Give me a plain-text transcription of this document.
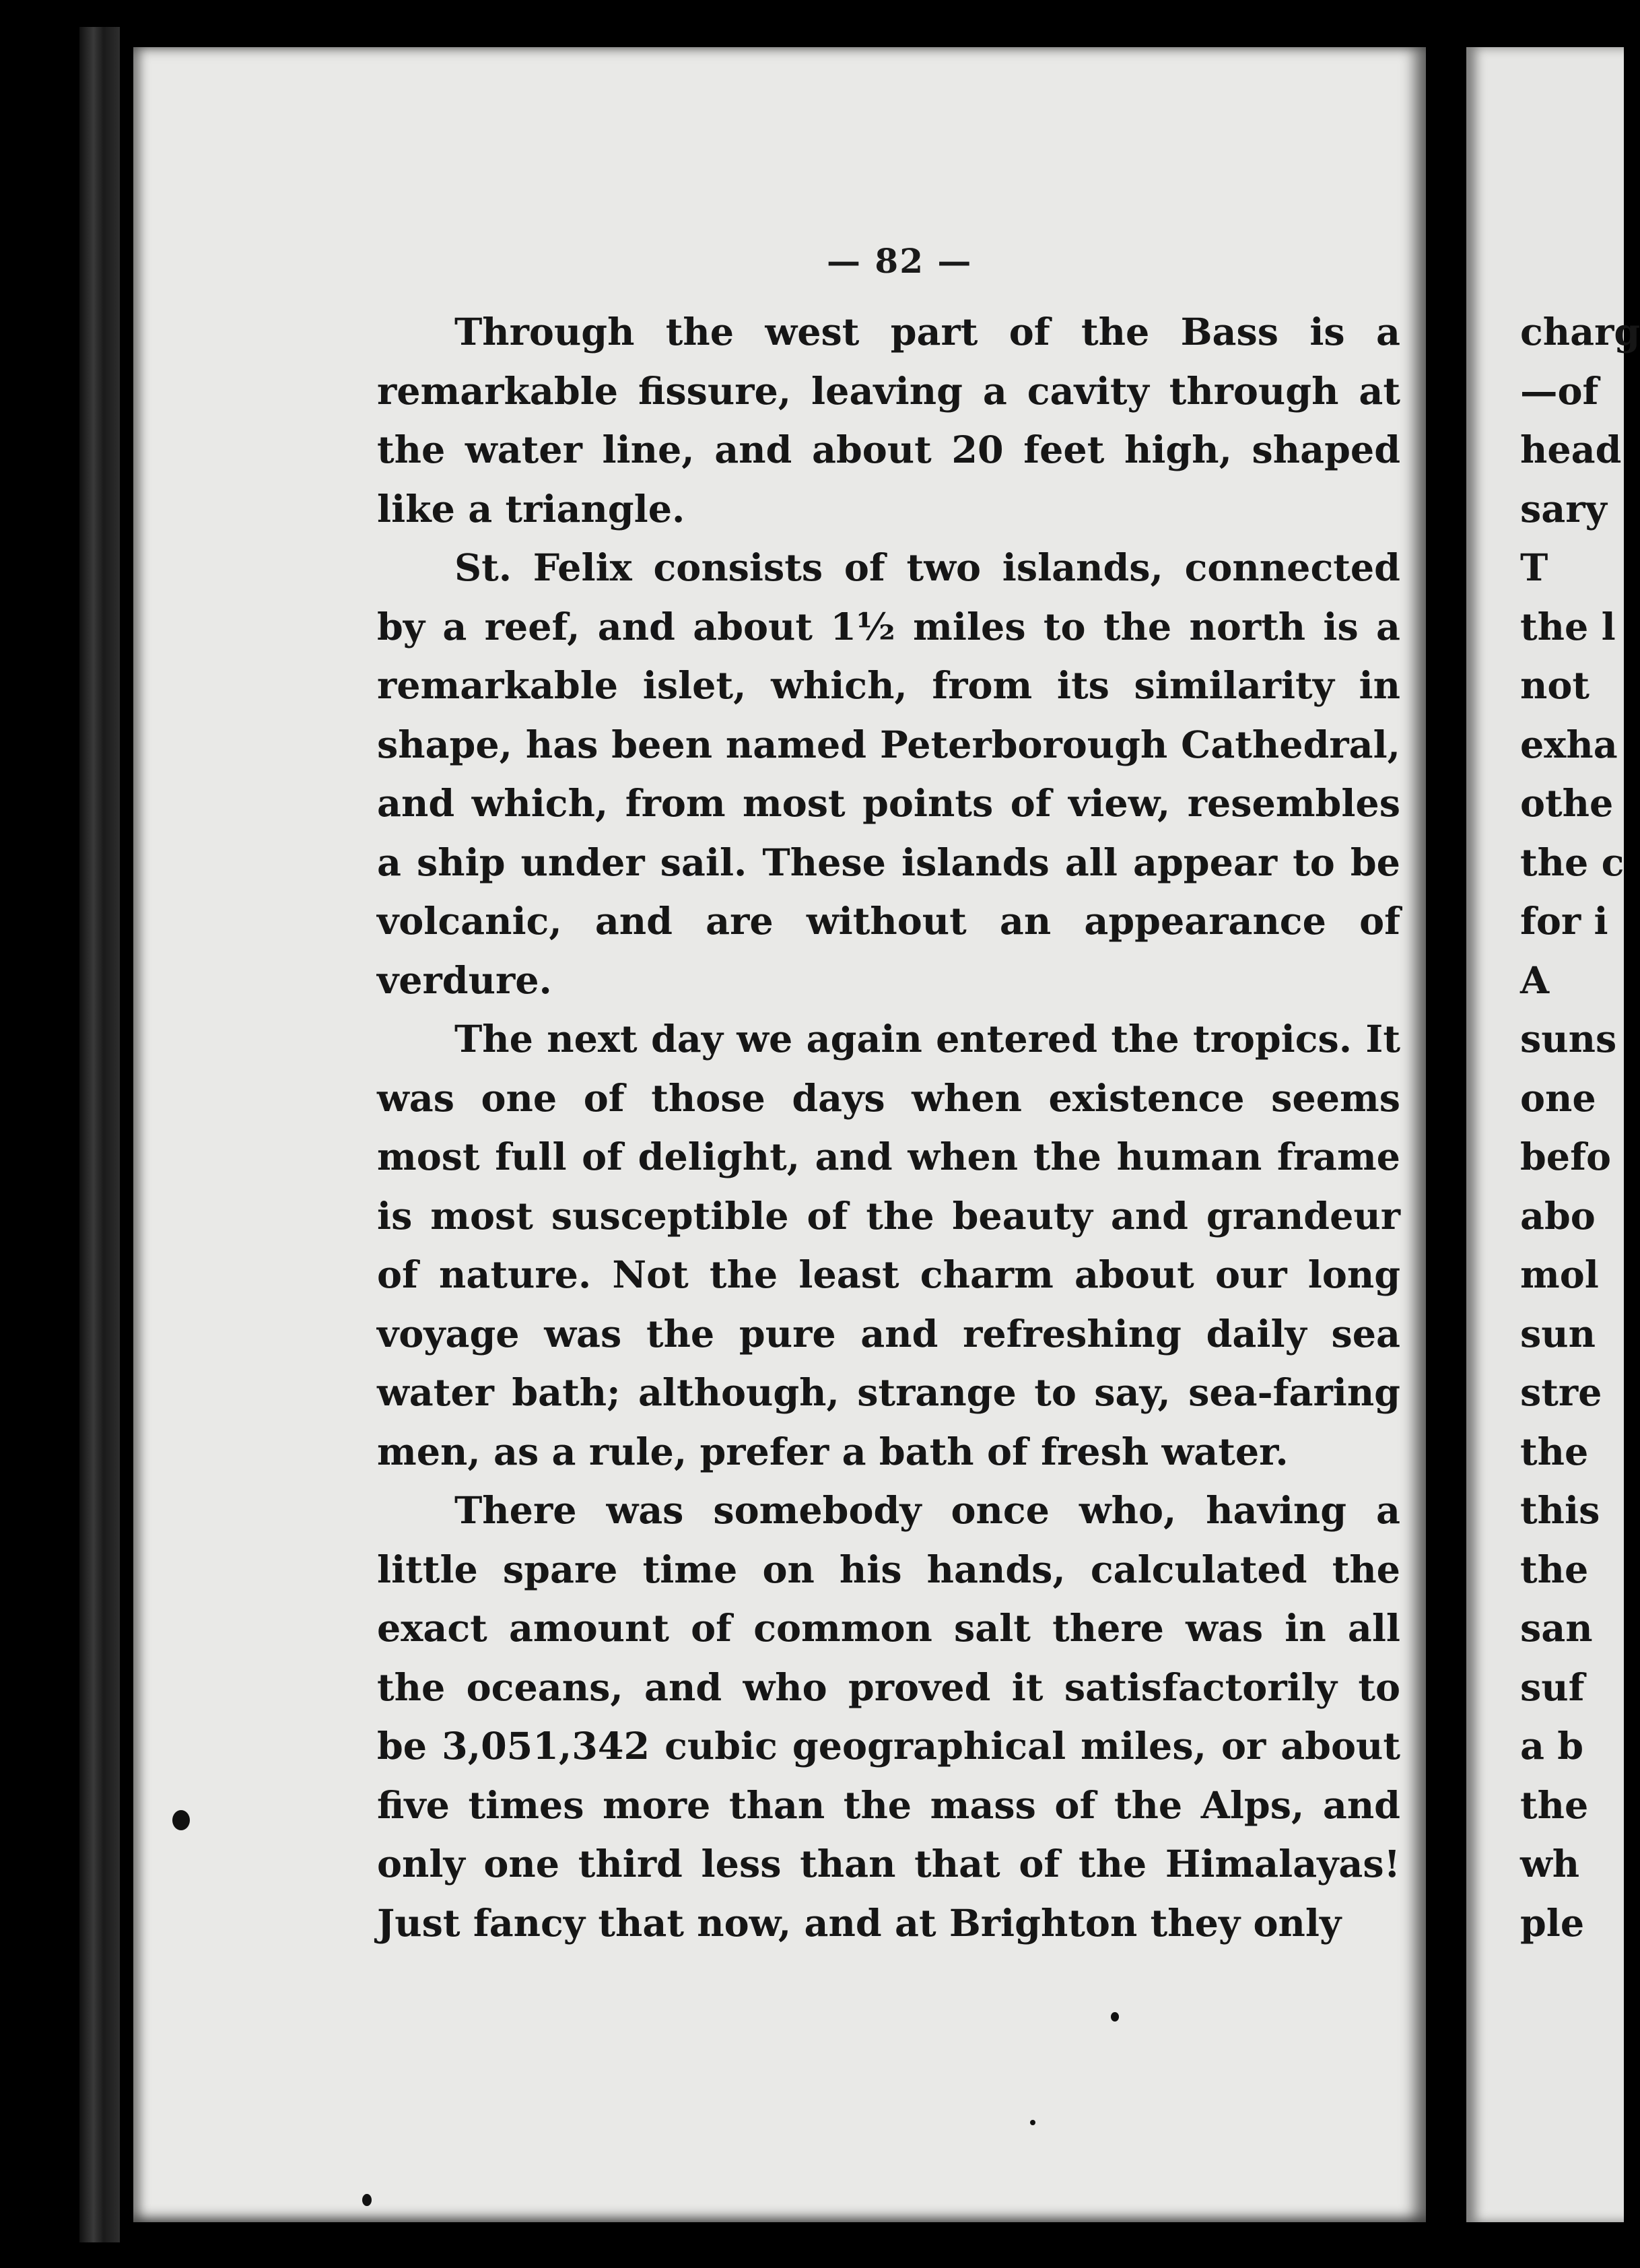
— 82 —

Through the west part of the Bass is a remarkable fissure, leaving a cavity through at the water line, and about 20 feet high, shaped like a triangle.

St. Felix consists of two islands, connected by a reef, and about 1½ miles to the north is a remarkable islet, which, from its similarity in shape, has been named Peterborough Cathedral, and which, from most points of view, resembles a ship under sail. These islands all appear to be volcanic, and are without an appearance of verdure.

The next day we again entered the tropics. It was one of those days when existence seems most full of delight, and when the human frame is most susceptible of the beauty and grandeur of nature. Not the least charm about our long voyage was the pure and refreshing daily sea water bath; although, strange to say, sea-faring men, as a rule, prefer a bath of fresh water.

There was somebody once who, having a little spare time on his hands, calculated the exact amount of common salt there was in all the oceans, and who proved it satisfactorily to be 3,051,342 cubic geographical miles, or about five times more than the mass of the Alps, and only one third less than that of the Himalayas! Just fancy that now, and at Brighton they only

charg
—of
head
sary
T
the l
not
exha
othe
the c
for i
A
suns
one
befo
abo
mol
sun
stre
the
this
the
san
suf
a b
the
wh
ple
